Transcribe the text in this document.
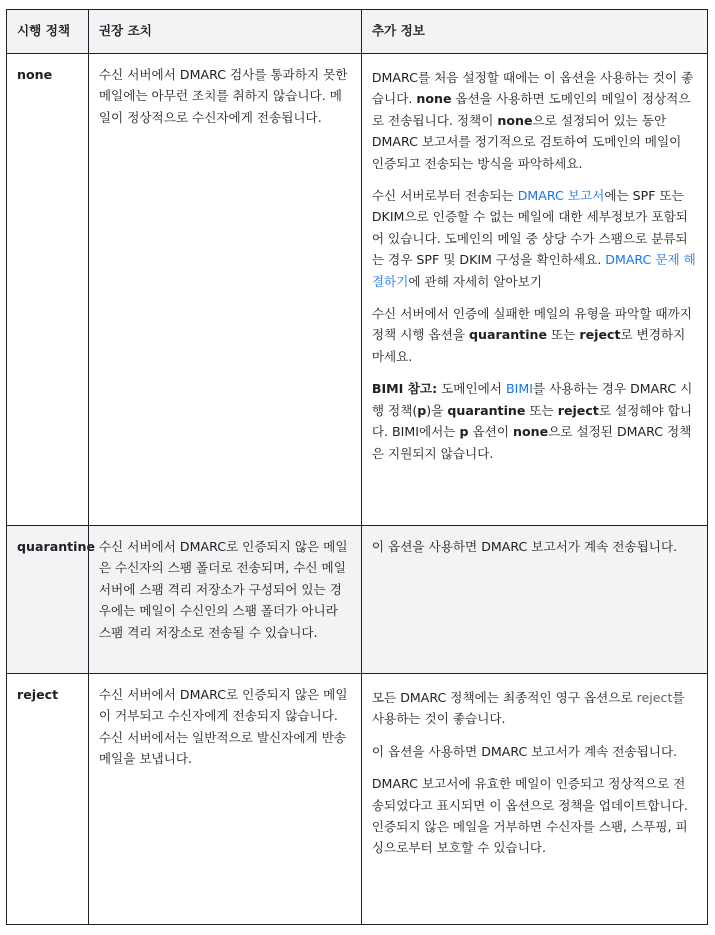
시행 정책	권장 조치	추가 정보
none	수신 서버에서 DMARC 검사를 통과하지 못한 메일에는 아무런 조치를 취하지 않습니다. 메일이 정상적으로 수신자에게 전송됩니다.	DMARC를 처음 설정할 때에는 이 옵션을 사용하는 것이 좋습니다. none 옵션을 사용하면 도메인의 메일이 정상적으로 전송됩니다. 정책이 none으로 설정되어 있는 동안 DMARC 보고서를 정기적으로 검토하여 도메인의 메일이 인증되고 전송되는 방식을 파악하세요.

수신 서버로부터 전송되는 DMARC 보고서에는 SPF 또는 DKIM으로 인증할 수 없는 메일에 대한 세부정보가 포함되어 있습니다. 도메인의 메일 중 상당 수가 스팸으로 분류되는 경우 SPF 및 DKIM 구성을 확인하세요. DMARC 문제 해결하기에 관해 자세히 알아보기

수신 서버에서 인증에 실패한 메일의 유형을 파악할 때까지 정책 시행 옵션을 quarantine 또는 reject로 변경하지 마세요.

BIMI 참고: 도메인에서 BIMI를 사용하는 경우 DMARC 시행 정책(p)을 quarantine 또는 reject로 설정해야 합니다. BIMI에서는 p 옵션이 none으로 설정된 DMARC 정책은 지원되지 않습니다.

quarantine	수신 서버에서 DMARC로 인증되지 않은 메일은 수신자의 스팸 폴더로 전송되며, 수신 메일 서버에 스팸 격리 저장소가 구성되어 있는 경우에는 메일이 수신인의 스팸 폴더가 아니라 스팸 격리 저장소로 전송될 수 있습니다.	이 옵션을 사용하면 DMARC 보고서가 계속 전송됩니다.

reject	수신 서버에서 DMARC로 인증되지 않은 메일이 거부되고 수신자에게 전송되지 않습니다. 수신 서버에서는 일반적으로 발신자에게 반송 메일을 보냅니다.	모든 DMARC 정책에는 최종적인 영구 옵션으로 reject를 사용하는 것이 좋습니다.

이 옵션을 사용하면 DMARC 보고서가 계속 전송됩니다.

DMARC 보고서에 유효한 메일이 인증되고 정상적으로 전송되었다고 표시되면 이 옵션으로 정책을 업데이트합니다. 인증되지 않은 메일을 거부하면 수신자를 스팸, 스푸핑, 피싱으로부터 보호할 수 있습니다.
